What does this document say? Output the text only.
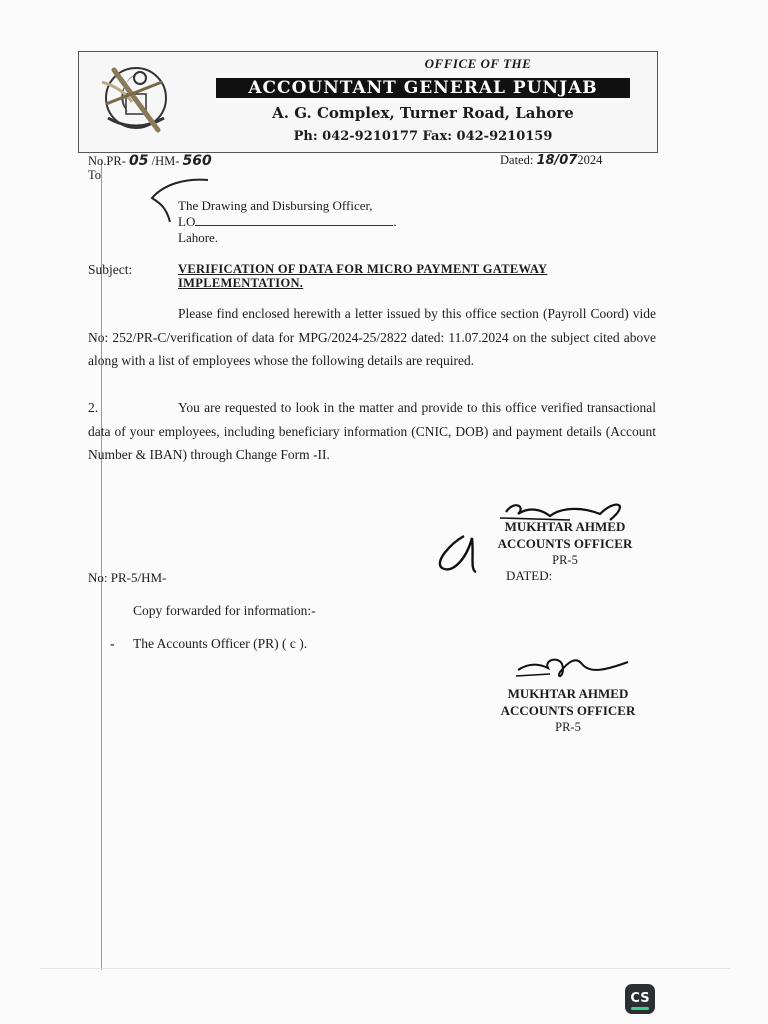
OFFICE OF THE
ACCOUNTANT GENERAL PUNJAB
A. G. Complex, Turner Road, Lahore
Ph: 042-9210177 Fax: 042-9210159
No.PR- 05 /HM- 560	Dated: 18/072024
To
The Drawing and Disbursing Officer,
LO	.
Lahore.
Subject:	VERIFICATION OF DATA FOR MICRO PAYMENT GATEWAY
IMPLEMENTATION.
Please find enclosed herewith a letter issued by this office section (Payroll Coord) vide No: 252/PR-C/verification of data for MPG/2024-25/2822 dated: 11.07.2024 on the subject cited above along with a list of employees whose the following details are required.
2.	You are requested to look in the matter and provide to this office verified transactional data of your employees, including beneficiary information (CNIC, DOB) and payment details (Account Number & IBAN) through Change Form -II.
MUKHTAR AHMED
ACCOUNTS OFFICER
PR-5
No: PR-5/HM-	DATED:
Copy forwarded for information:-
- The Accounts Officer (PR) ( c ).
MUKHTAR AHMED
ACCOUNTS OFFICER
PR-5
CS
